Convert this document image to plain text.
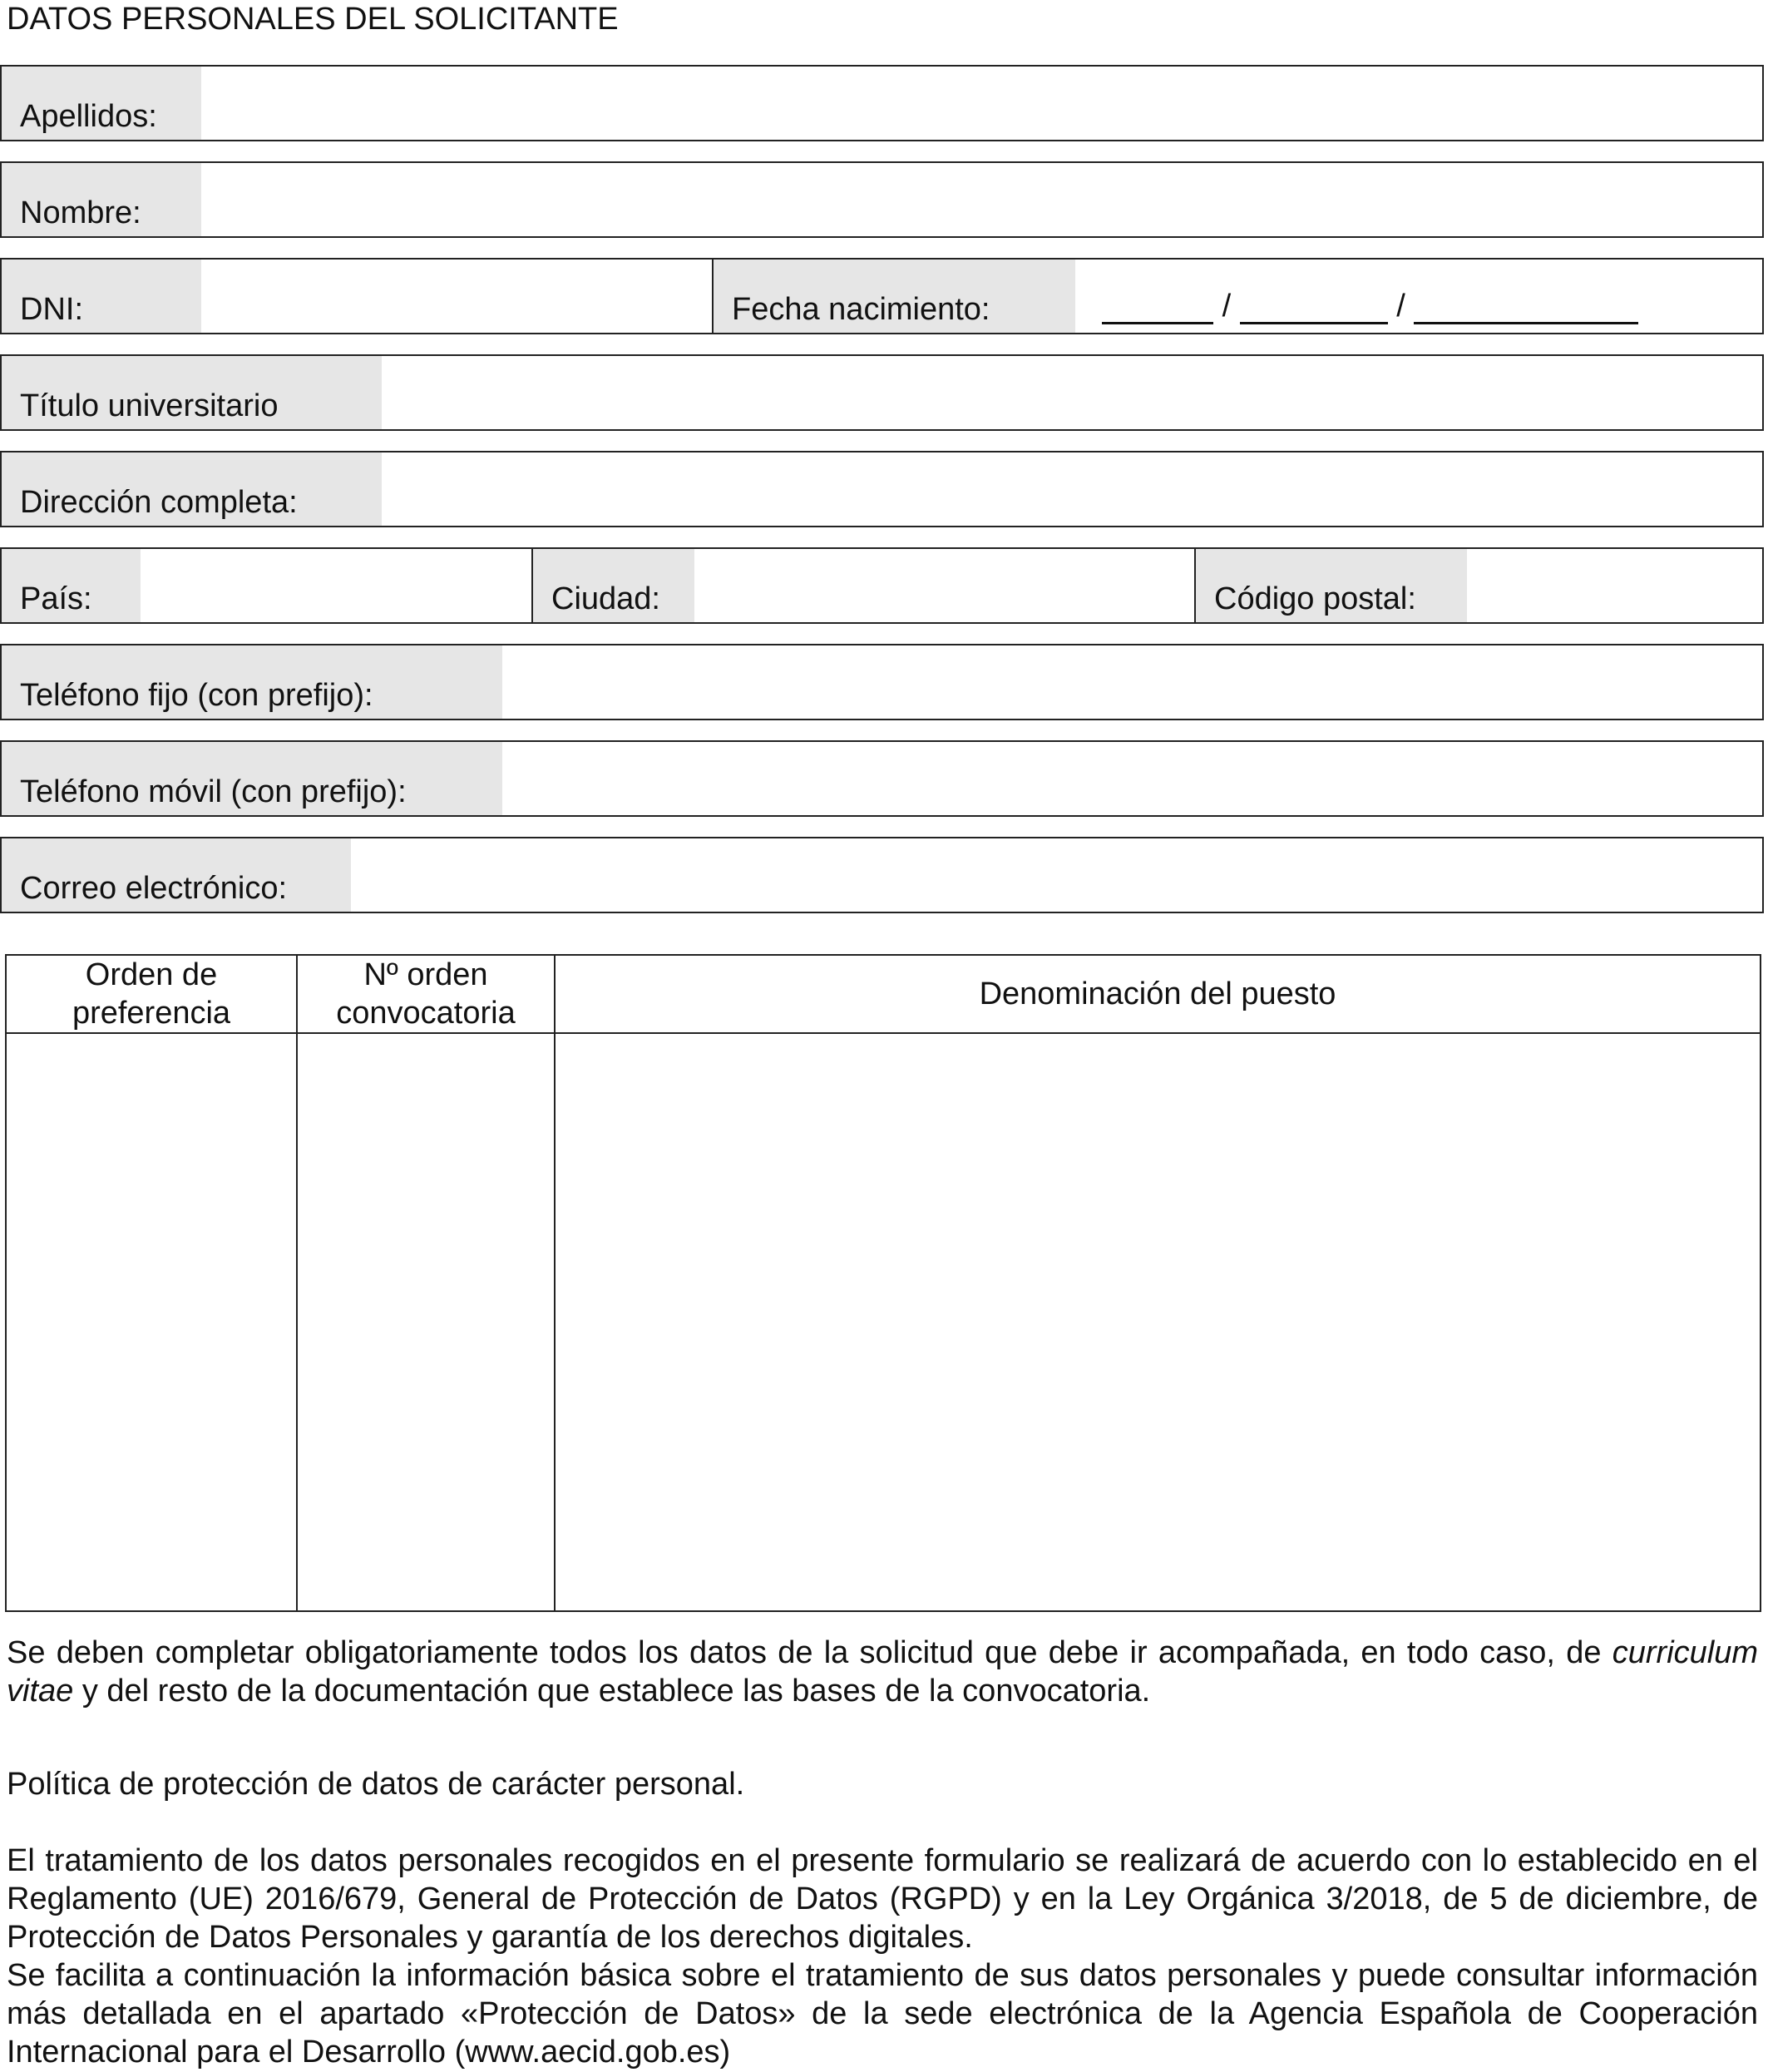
DATOS PERSONALES DEL SOLICITANTE
Apellidos:
Nombre:
DNI:	Fecha nacimiento:	/	/
Título universitario
Dirección completa:
País:	Ciudad:	Código postal:
Teléfono fijo (con prefijo):
Teléfono móvil (con prefijo):
Correo electrónico:
Orden de preferencia	Nº orden convocatoria	Denominación del puesto

Se deben completar obligatoriamente todos los datos de la solicitud que debe ir acompañada, en todo caso, de curriculum vitae y del resto de la documentación que establece las bases de la convocatoria.
Política de protección de datos de carácter personal.
El tratamiento de los datos personales recogidos en el presente formulario se realizará de acuerdo con lo establecido en el Reglamento (UE) 2016/679, General de Protección de Datos (RGPD) y en la Ley Orgánica 3/2018, de 5 de diciembre, de Protección de Datos Personales y garantía de los derechos digitales.
Se facilita a continuación la información básica sobre el tratamiento de sus datos personales y puede consultar información más detallada en el apartado «Protección de Datos» de la sede electrónica de la Agencia Española de Cooperación Internacional para el Desarrollo (www.aecid.gob.es)
